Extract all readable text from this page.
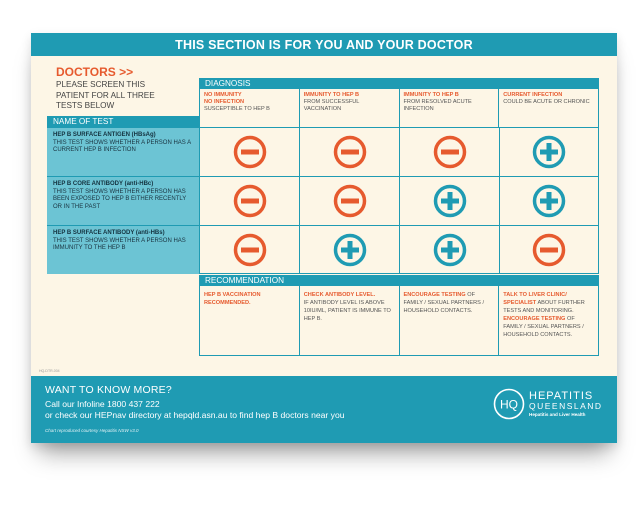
THIS SECTION IS FOR YOU AND YOUR DOCTOR
DOCTORS >>
PLEASE SCREEN THIS PATIENT FOR ALL THREE TESTS BELOW
DIAGNOSIS
NO IMMUNITY
NO INFECTION
SUSCEPTIBLE TO HEP B
IMMUNITY TO HEP B
FROM SUCCESSFUL VACCINATION
IMMUNITY TO HEP B
FROM RESOLVED ACUTE INFECTION
CURRENT INFECTION
COULD BE ACUTE OR CHRONIC
NAME OF TEST
HEP B SURFACE ANTIGEN (HBsAg)
THIS TEST SHOWS WHETHER A PERSON HAS A CURRENT HEP B INFECTION
HEP B CORE ANTIBODY (anti-HBc)
THIS TEST SHOWS WHETHER A PERSON HAS BEEN EXPOSED TO HEP B EITHER RECENTLY OR IN THE PAST
HEP B SURFACE ANTIBODY (anti-HBs)
THIS TEST SHOWS WHETHER A PERSON HAS IMMUNITY TO THE HEP B
RECOMMENDATION
HEP B VACCINATION RECOMMENDED.
CHECK ANTIBODY LEVEL.
IF ANTIBODY LEVEL IS ABOVE 10IU/ML, PATIENT IS IMMUNE TO HEP B.
ENCOURAGE TESTING OF FAMILY / SEXUAL PARTNERS / HOUSEHOLD CONTACTS.
TALK TO LIVER CLINIC/ SPECIALIST ABOUT FURTHER TESTS AND MONITORING. ENCOURAGE TESTING OF FAMILY / SEXUAL PARTNERS / HOUSEHOLD CONTACTS.
HQ-DTR-004
WANT TO KNOW MORE?
Call our Infoline 1800 437 222
or check our HEPnav directory at hepqld.asn.au to find hep B doctors near you
Chart reproduced courtesy Hepatitis NSW v3.0
HQ
HEPATITIS
QUEENSLAND
Hepatitis and Liver Health
